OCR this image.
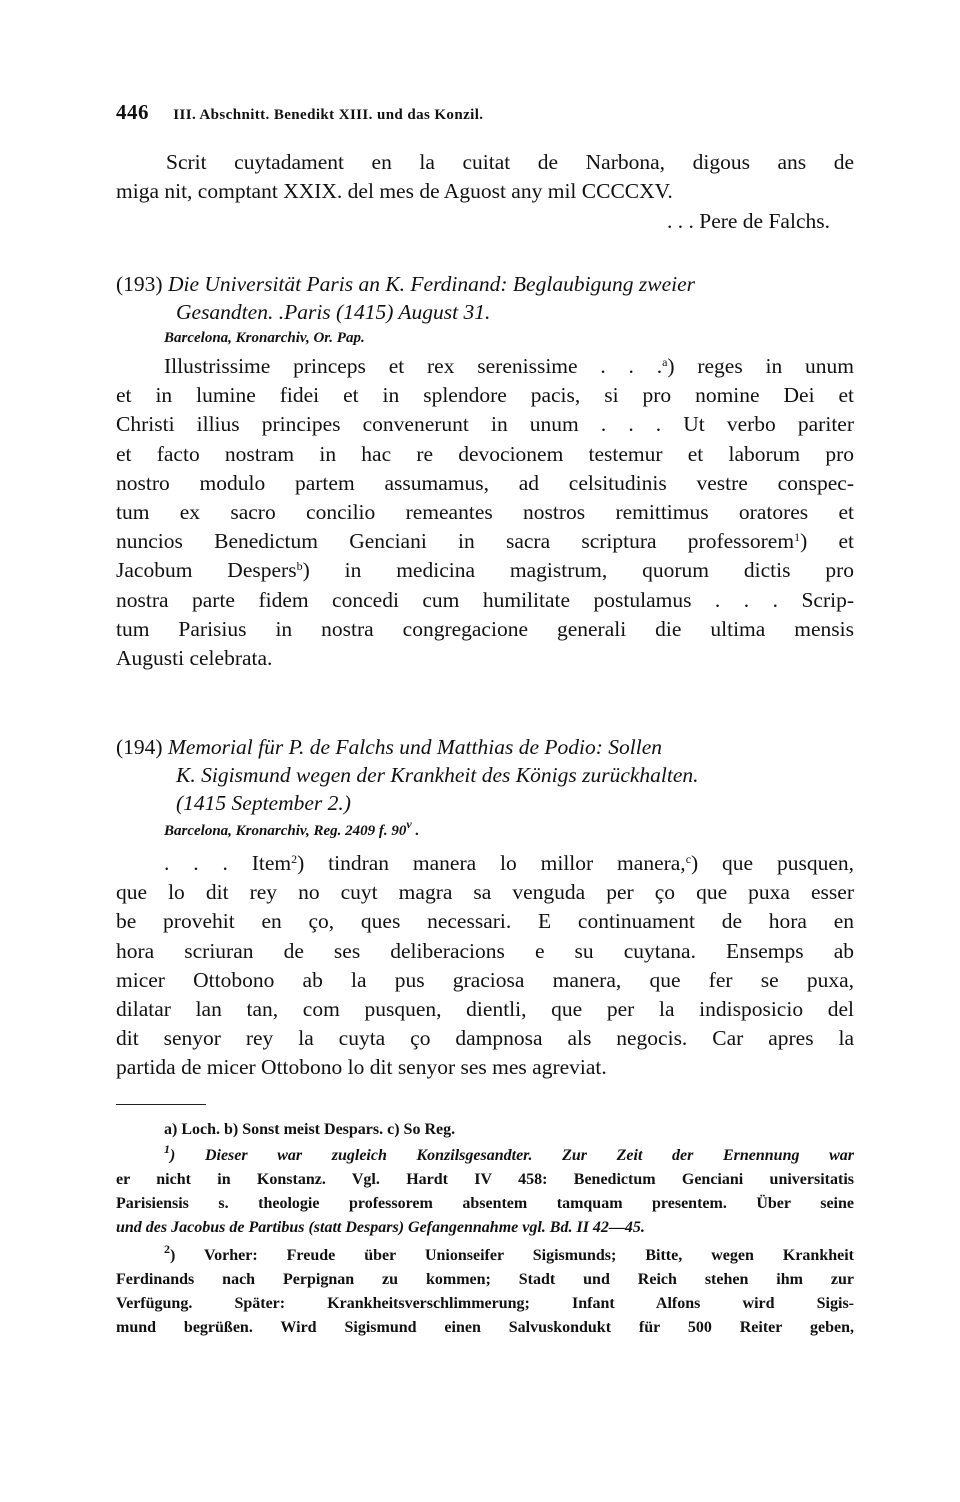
446 III. Abschnitt. Benedikt XIII. und das Konzil.

Scrit cuytadament en la cuitat de Narbona, digous ans de
miga nit, comptant XXIX. del mes de Aguost any mil CCCCXV.

. . . Pere de Falchs.

(193) Die Universität Paris an K. Ferdinand: Beglaubigung zweier
Gesandten. .Paris (1415) August 31.

Barcelona, Kronarchiv, Or. Pap.

Illustrissime princeps et rex serenissime . . .$^a$) reges in unum
et in lumine fidei et in splendore pacis, si pro nomine Dei et
Christi illius principes convenerunt in unum . . . Ut verbo pariter
et facto nostram in hac re devocionem testemur et laborum pro
nostro modulo partem assumamus, ad celsitudinis vestre conspec-
tum ex sacro concilio remeantes nostros remittimus oratores et
nuncios Benedictum Genciani in sacra scriptura professorem$^1$) et
Jacobum Despers$^b$) in medicina magistrum, quorum dictis pro
nostra parte fidem concedi cum humilitate postulamus . . . Scrip-
tum Parisius in nostra congregacione generali die ultima mensis
Augusti celebrata.

(194) Memorial für P. de Falchs und Matthias de Podio: Sollen
K. Sigismund wegen der Krankheit des Königs zurückhalten.
(1415 September 2.)

Barcelona, Kronarchiv, Reg. 2409 f. 90$^v$ .

. . . Item$^2$) tindran manera lo millor manera,$^c$) que pusquen,
que lo dit rey no cuyt magra sa venguda per ço que puxa esser
be provehit en ço, ques necessari. E continuament de hora en
hora scriuran de ses deliberacions e su cuytana. Ensemps ab
micer Ottobono ab la pus graciosa manera, que fer se puxa,
dilatar lan tan, com pusquen, dientli, que per la indisposicio del
dit senyor rey la cuyta ço dampnosa als negocis. Car apres la
partida de micer Ottobono lo dit senyor ses mes agreviat.

a) Loch. b) Sonst meist Despars. c) So Reg.

$^1$) Dieser war zugleich Konzilsgesandter. Zur Zeit der Ernennung war
er nicht in Konstanz. Vgl. Hardt IV 458: Benedictum Genciani universitatis
Parisiensis s. theologie professorem absentem tamquam presentem. Über seine
und des Jacobus de Partibus (statt Despars) Gefangennahme vgl. Bd. II 42—45.

$^2$) Vorher: Freude über Unionseifer Sigismunds; Bitte, wegen Krankheit
Ferdinands nach Perpignan zu kommen; Stadt und Reich stehen ihm zur
Verfügung. Später: Krankheitsverschlimmerung; Infant Alfons wird Sigis-
mund begrüßen. Wird Sigismund einen Salvuskondukt für 500 Reiter geben,
